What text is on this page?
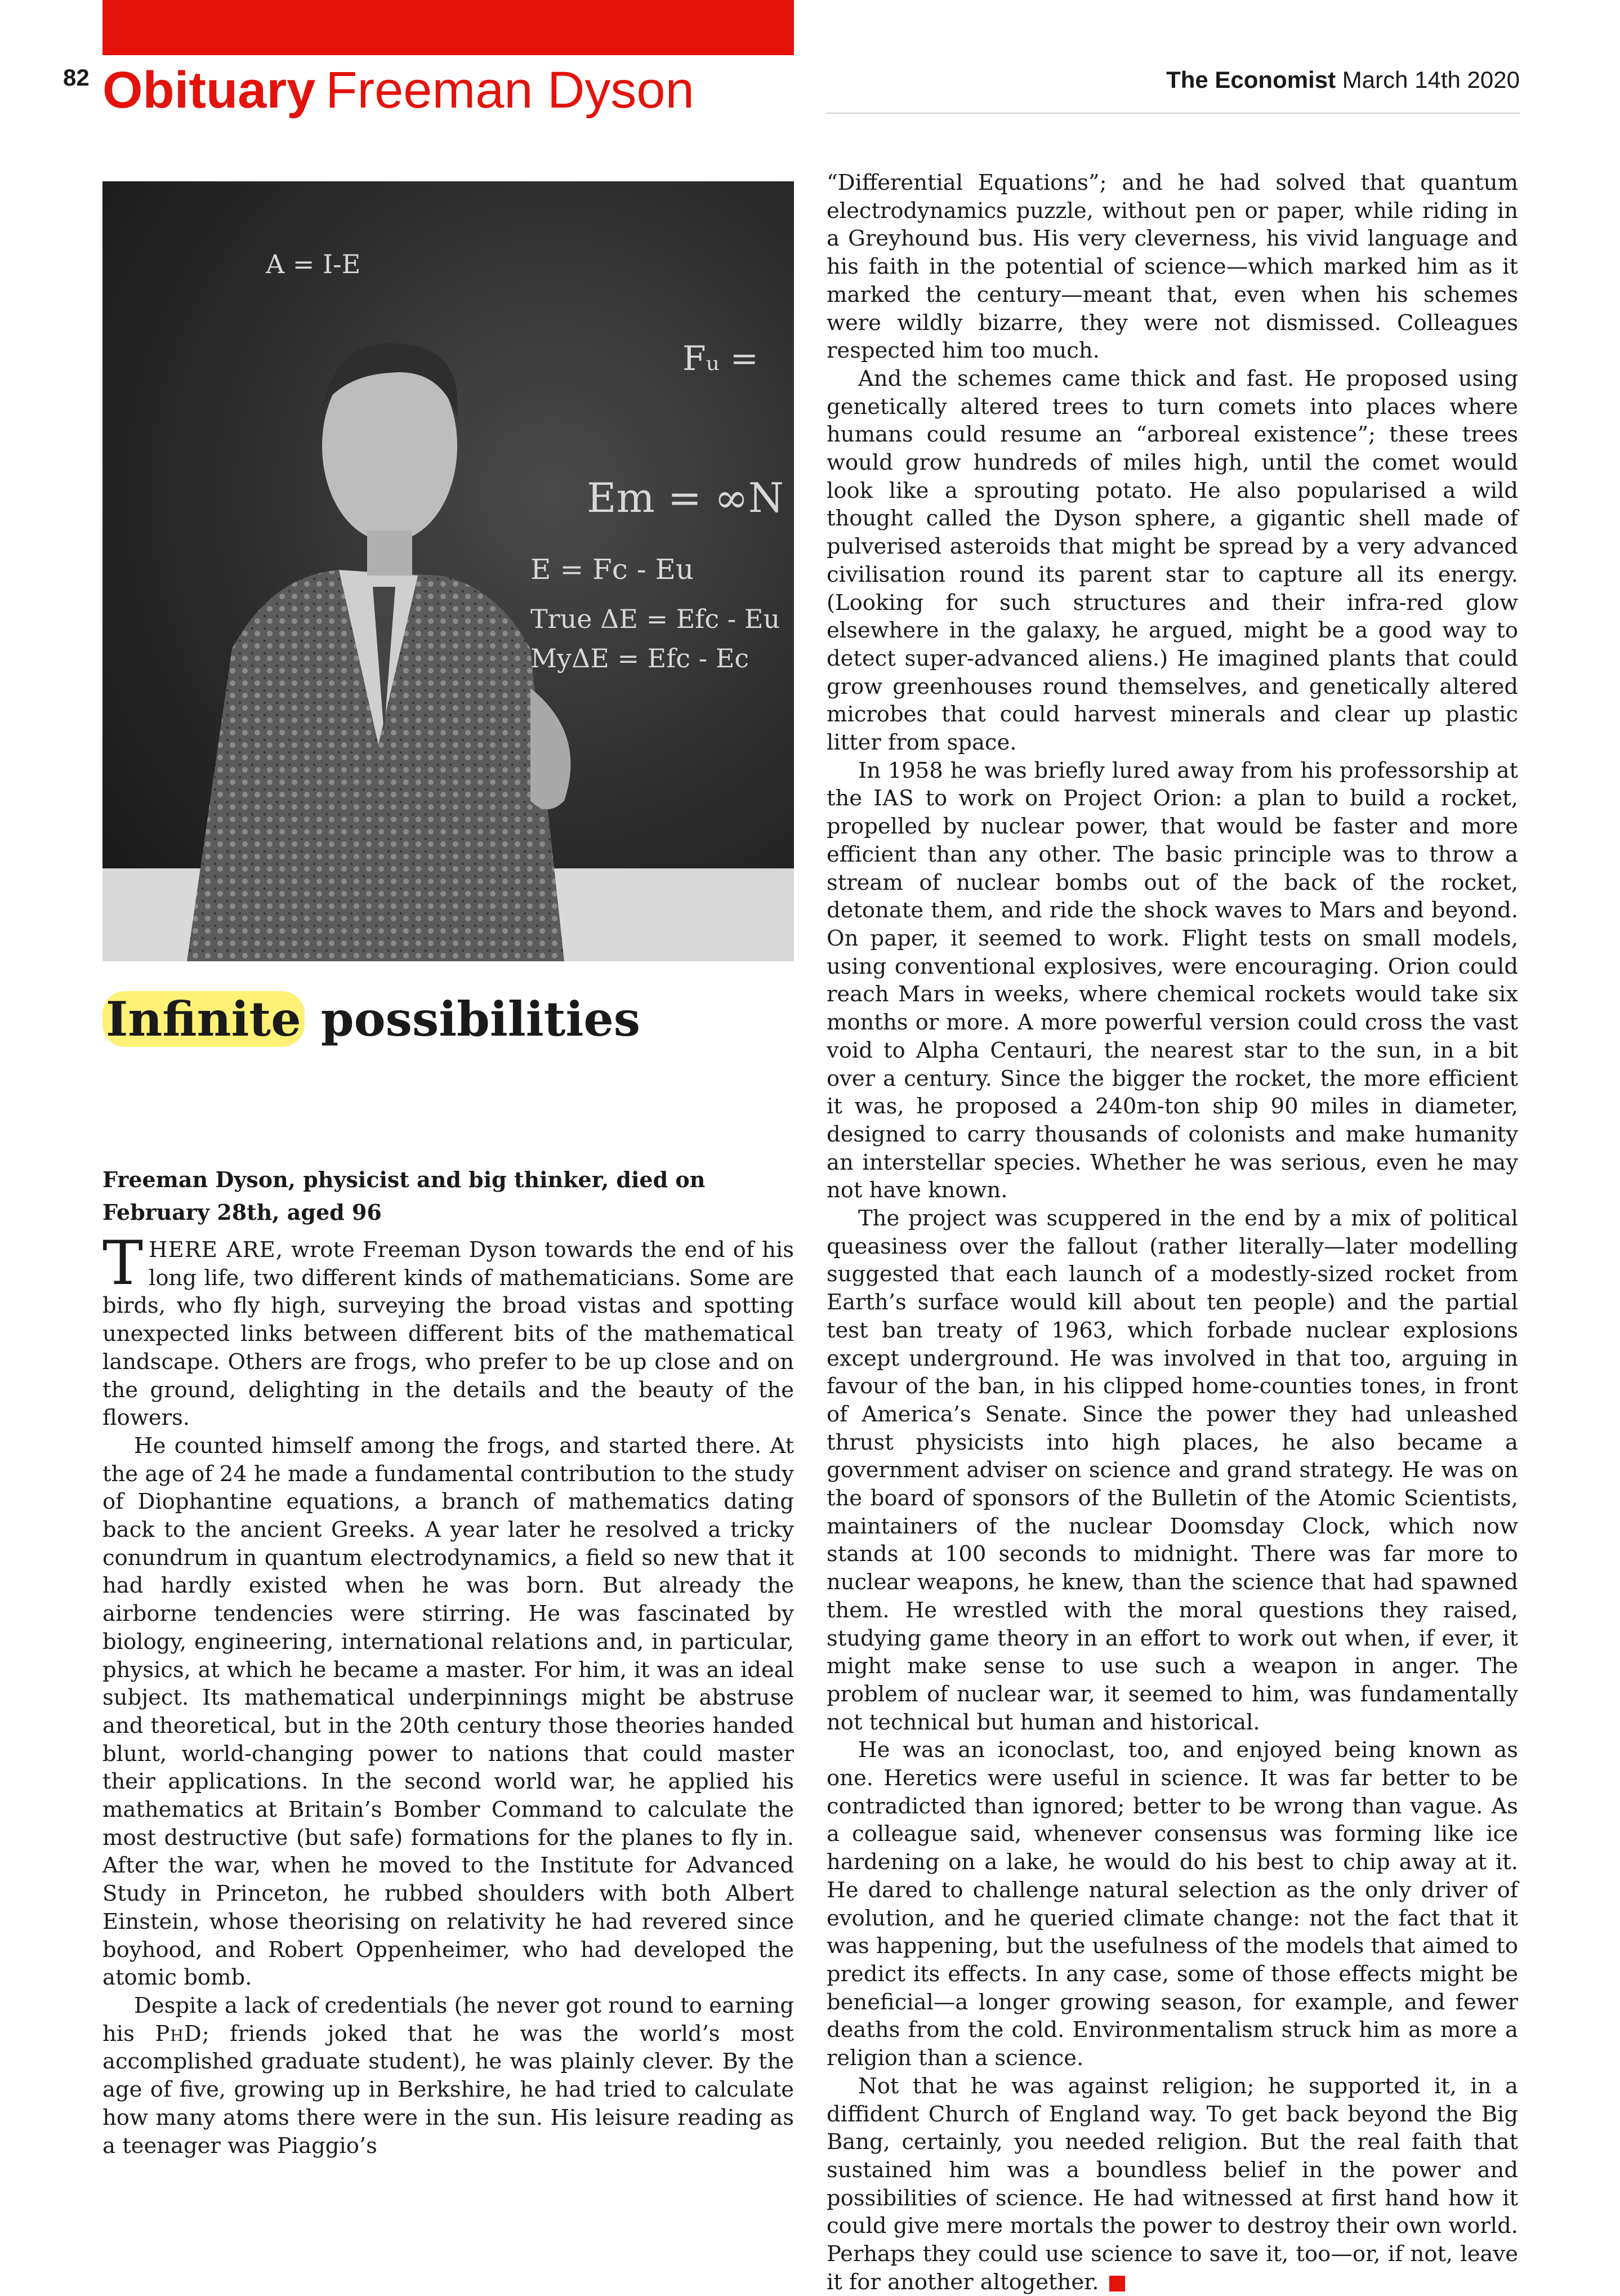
82 Obituary Freeman Dyson	The Economist March 14th 2020
A = I-E
Fᵤ =
Em = ∞N
E = Fc - Eu
True ΔE = Efc - Eu
MyΔE = Efc - Ec
Infinite possibilities

Freeman Dyson, physicist and big thinker, died on February 28th, aged 96

THERE ARE, wrote Freeman Dyson towards the end of his long life, two different kinds of mathematicians. Some are birds, who fly high, surveying the broad vistas and spotting unexpected links between different bits of the mathematical landscape. Others are frogs, who prefer to be up close and on the ground, delighting in the details and the beauty of the flowers.

He counted himself among the frogs, and started there. At the age of 24 he made a fundamental contribution to the study of Diophantine equations, a branch of mathematics dating back to the ancient Greeks. A year later he resolved a tricky conundrum in quantum electrodynamics, a field so new that it had hardly existed when he was born. But already the airborne tendencies were stirring. He was fascinated by biology, engineering, international relations and, in particular, physics, at which he became a master. For him, it was an ideal subject. Its mathematical underpinnings might be abstruse and theoretical, but in the 20th century those theories handed blunt, world-changing power to nations that could master their applications. In the second world war, he applied his mathematics at Britain’s Bomber Command to calculate the most destructive (but safe) formations for the planes to fly in. After the war, when he moved to the Institute for Advanced Study in Princeton, he rubbed shoulders with both Albert Einstein, whose theorising on relativity he had revered since boyhood, and Robert Oppenheimer, who had developed the atomic bomb.

Despite a lack of credentials (he never got round to earning his PhD; friends joked that he was the world’s most accomplished graduate student), he was plainly clever. By the age of five, growing up in Berkshire, he had tried to calculate how many atoms there were in the sun. His leisure reading as a teenager was Piaggio’s

“Differential Equations”; and he had solved that quantum electrodynamics puzzle, without pen or paper, while riding in a Greyhound bus. His very cleverness, his vivid language and his faith in the potential of science—which marked him as it marked the century—meant that, even when his schemes were wildly bizarre, they were not dismissed. Colleagues respected him too much.

And the schemes came thick and fast. He proposed using genetically altered trees to turn comets into places where humans could resume an “arboreal existence”; these trees would grow hundreds of miles high, until the comet would look like a sprouting potato. He also popularised a wild thought called the Dyson sphere, a gigantic shell made of pulverised asteroids that might be spread by a very advanced civilisation round its parent star to capture all its energy. (Looking for such structures and their infra-red glow elsewhere in the galaxy, he argued, might be a good way to detect super-advanced aliens.) He imagined plants that could grow greenhouses round themselves, and genetically altered microbes that could harvest minerals and clear up plastic litter from space.

In 1958 he was briefly lured away from his professorship at the IAS to work on Project Orion: a plan to build a rocket, propelled by nuclear power, that would be faster and more efficient than any other. The basic principle was to throw a stream of nuclear bombs out of the back of the rocket, detonate them, and ride the shock waves to Mars and beyond. On paper, it seemed to work. Flight tests on small models, using conventional explosives, were encouraging. Orion could reach Mars in weeks, where chemical rockets would take six months or more. A more powerful version could cross the vast void to Alpha Centauri, the nearest star to the sun, in a bit over a century. Since the bigger the rocket, the more efficient it was, he proposed a 240m-ton ship 90 miles in diameter, designed to carry thousands of colonists and make humanity an interstellar species. Whether he was serious, even he may not have known.

The project was scuppered in the end by a mix of political queasiness over the fallout (rather literally—later modelling suggested that each launch of a modestly-sized rocket from Earth’s surface would kill about ten people) and the partial test ban treaty of 1963, which forbade nuclear explosions except underground. He was involved in that too, arguing in favour of the ban, in his clipped home-counties tones, in front of America’s Senate. Since the power they had unleashed thrust physicists into high places, he also became a government adviser on science and grand strategy. He was on the board of sponsors of the Bulletin of the Atomic Scientists, maintainers of the nuclear Doomsday Clock, which now stands at 100 seconds to midnight. There was far more to nuclear weapons, he knew, than the science that had spawned them. He wrestled with the moral questions they raised, studying game theory in an effort to work out when, if ever, it might make sense to use such a weapon in anger. The problem of nuclear war, it seemed to him, was fundamentally not technical but human and historical.

He was an iconoclast, too, and enjoyed being known as one. Heretics were useful in science. It was far better to be contradicted than ignored; better to be wrong than vague. As a colleague said, whenever consensus was forming like ice hardening on a lake, he would do his best to chip away at it. He dared to challenge natural selection as the only driver of evolution, and he queried climate change: not the fact that it was happening, but the usefulness of the models that aimed to predict its effects. In any case, some of those effects might be beneficial—a longer growing season, for example, and fewer deaths from the cold. Environmentalism struck him as more a religion than a science.

Not that he was against religion; he supported it, in a diffident Church of England way. To get back beyond the Big Bang, certainly, you needed religion. But the real faith that sustained him was a boundless belief in the power and possibilities of science. He had witnessed at first hand how it could give mere mortals the power to destroy their own world. Perhaps they could use science to save it, too—or, if not, leave it for another altogether.
